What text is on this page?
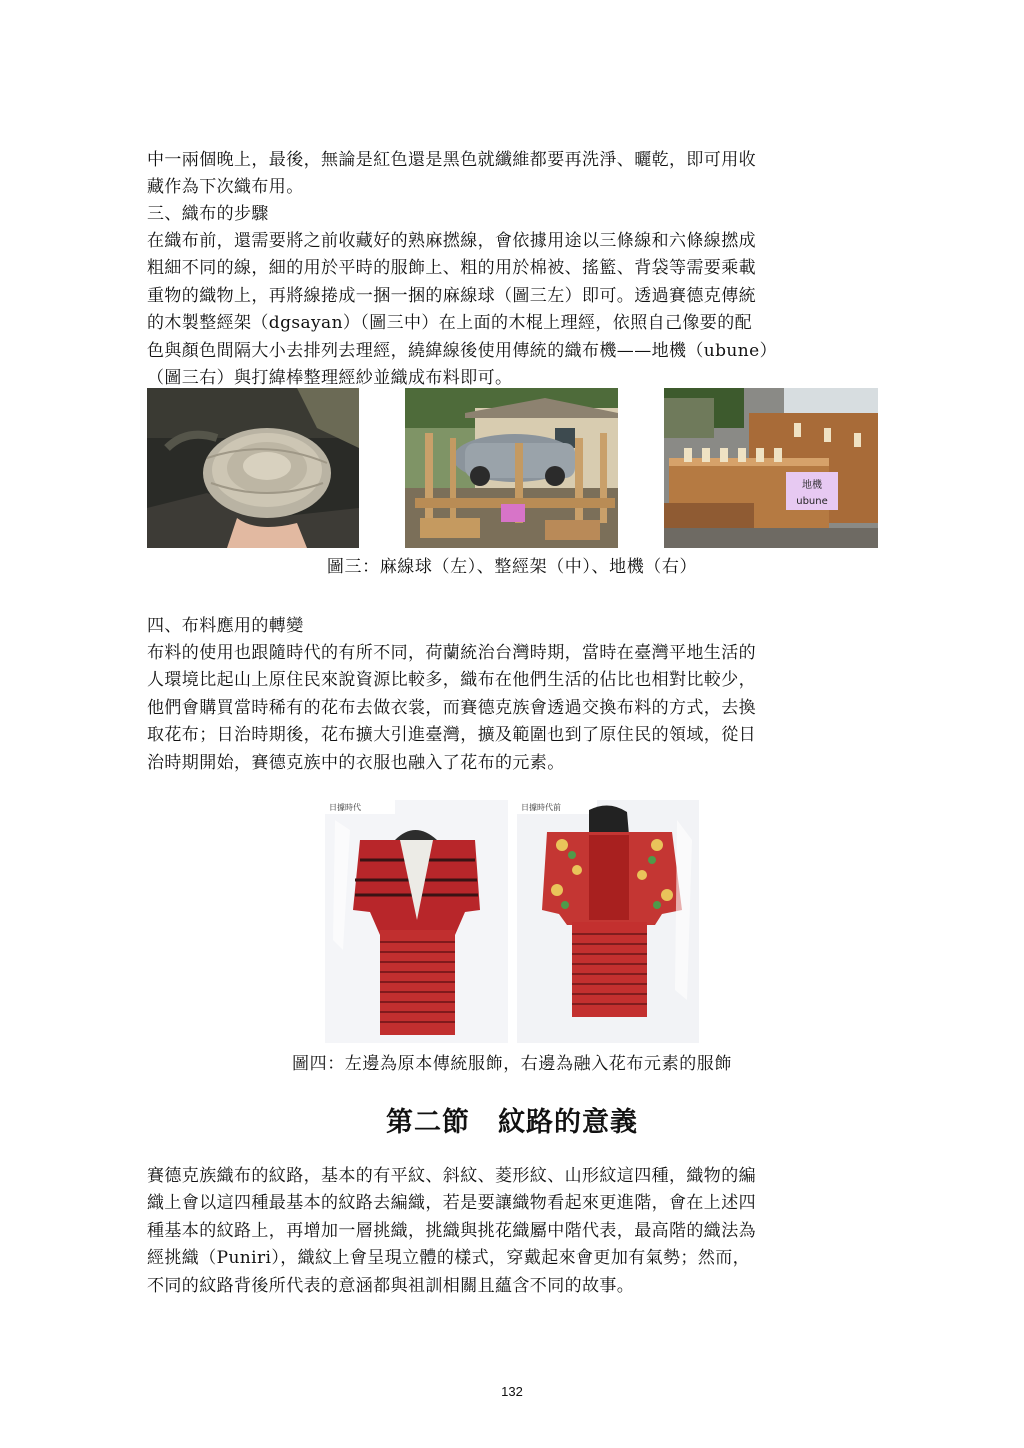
中一兩個晚上，最後，無論是紅色還是黑色就纖維都要再洗淨、曬乾，即可用收
藏作為下次織布用。

三、織布的步驟

在織布前，還需要將之前收藏好的熟麻撚線，會依據用途以三條線和六條線撚成
粗細不同的線，細的用於平時的服飾上、粗的用於棉被、搖籃、背袋等需要乘載
重物的織物上，再將線捲成一捆一捆的麻線球（圖三左）即可。透過賽德克傳統
的木製整經架（dgsayan）（圖三中）在上面的木棍上理經，依照自己像要的配
色與顏色間隔大小去排列去理經，繞緯線後使用傳統的織布機——地機（ubune）
（圖三右）與打緯棒整理經紗並織成布料即可。

地機
ubune

圖三：麻線球（左）、整經架（中）、地機（右）

四、布料應用的轉變

布料的使用也跟隨時代的有所不同，荷蘭統治台灣時期，當時在臺灣平地生活的
人環境比起山上原住民來說資源比較多，織布在他們生活的佔比也相對比較少，
他們會購買當時稀有的花布去做衣裳，而賽德克族會透過交換布料的方式，去換
取花布；日治時期後，花布擴大引進臺灣，擴及範圍也到了原住民的領域，從日
治時期開始，賽德克族中的衣服也融入了花布的元素。

日據時代	日據時代前

圖四：左邊為原本傳統服飾，右邊為融入花布元素的服飾

第二節　紋路的意義

賽德克族織布的紋路，基本的有平紋、斜紋、菱形紋、山形紋這四種，織物的編
織上會以這四種最基本的紋路去編織，若是要讓織物看起來更進階，會在上述四
種基本的紋路上，再增加一層挑織，挑織與挑花織屬中階代表，最高階的織法為
經挑織（Puniri），織紋上會呈現立體的樣式，穿戴起來會更加有氣勢；然而，
不同的紋路背後所代表的意涵都與祖訓相關且蘊含不同的故事。

132
